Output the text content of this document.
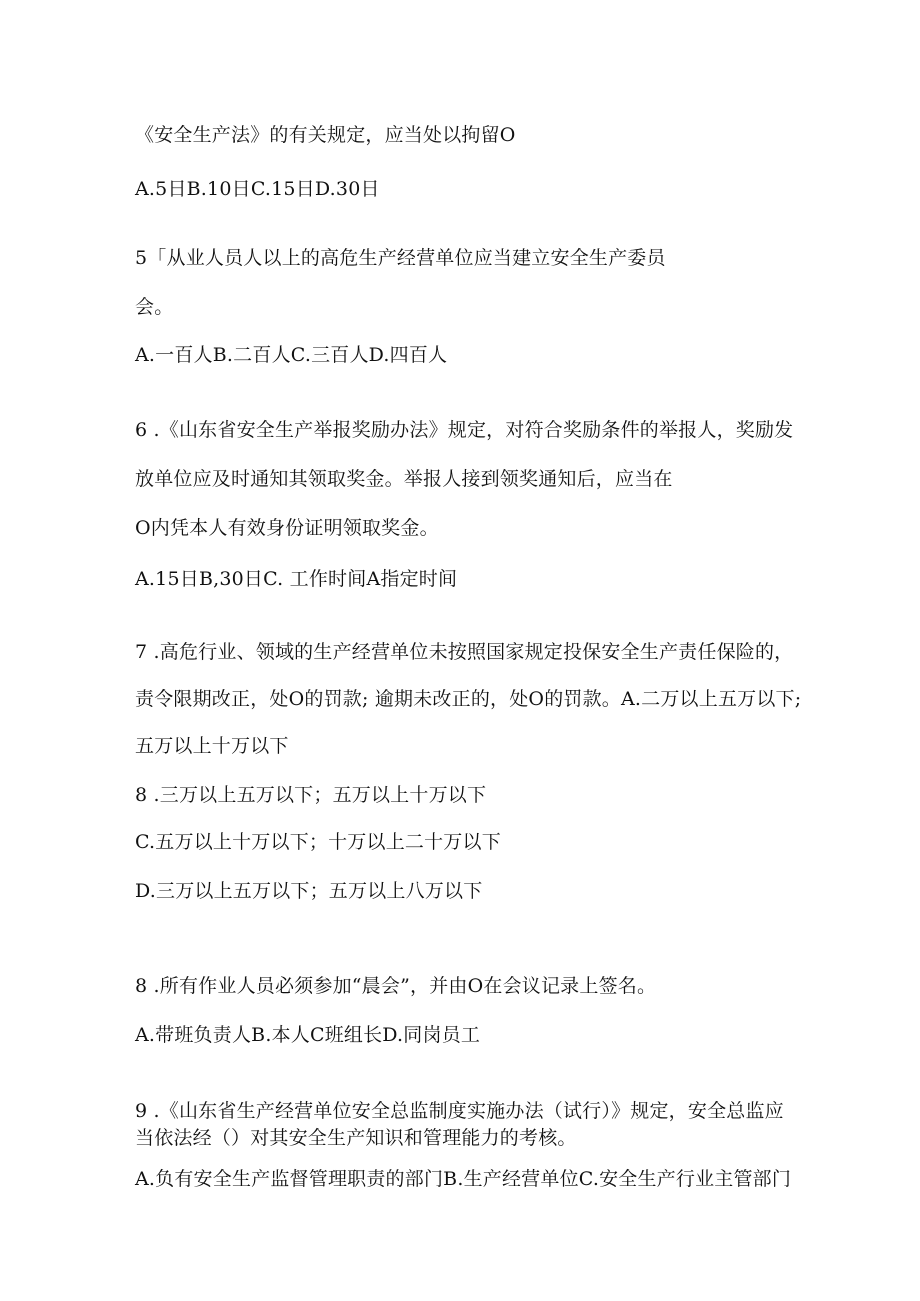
《安全生产法》的有关规定，应当处以拘留O
A.5日B.10日C.15日D.30日
5「从业人员人以上的高危生产经营单位应当建立安全生产委员
会。
A.一百人B.二百人C.三百人D.四百人
6 .《山东省安全生产举报奖励办法》规定，对符合奖励条件的举报人，奖励发
放单位应及时通知其领取奖金。举报人接到领奖通知后，应当在
O内凭本人有效身份证明领取奖金。
A.15日B,30日C. 工作时间A指定时间
7 .高危行业、领域的生产经营单位未按照国家规定投保安全生产责任保险的，
责令限期改正，处O的罚款; 逾期未改正的，处O的罚款。A.二万以上五万以下;
五万以上十万以下
8 .三万以上五万以下；五万以上十万以下
C.五万以上十万以下；十万以上二十万以下
D.三万以上五万以下；五万以上八万以下
8 .所有作业人员必须参加“晨会”，并由O在会议记录上签名。
A.带班负责人B.本人C班组长D.同岗员工
9 .《山东省生产经营单位安全总监制度实施办法（试行）》规定，安全总监应
当依法经（）对其安全生产知识和管理能力的考核。
A.负有安全生产监督管理职责的部门B.生产经营单位C.安全生产行业主管部门
